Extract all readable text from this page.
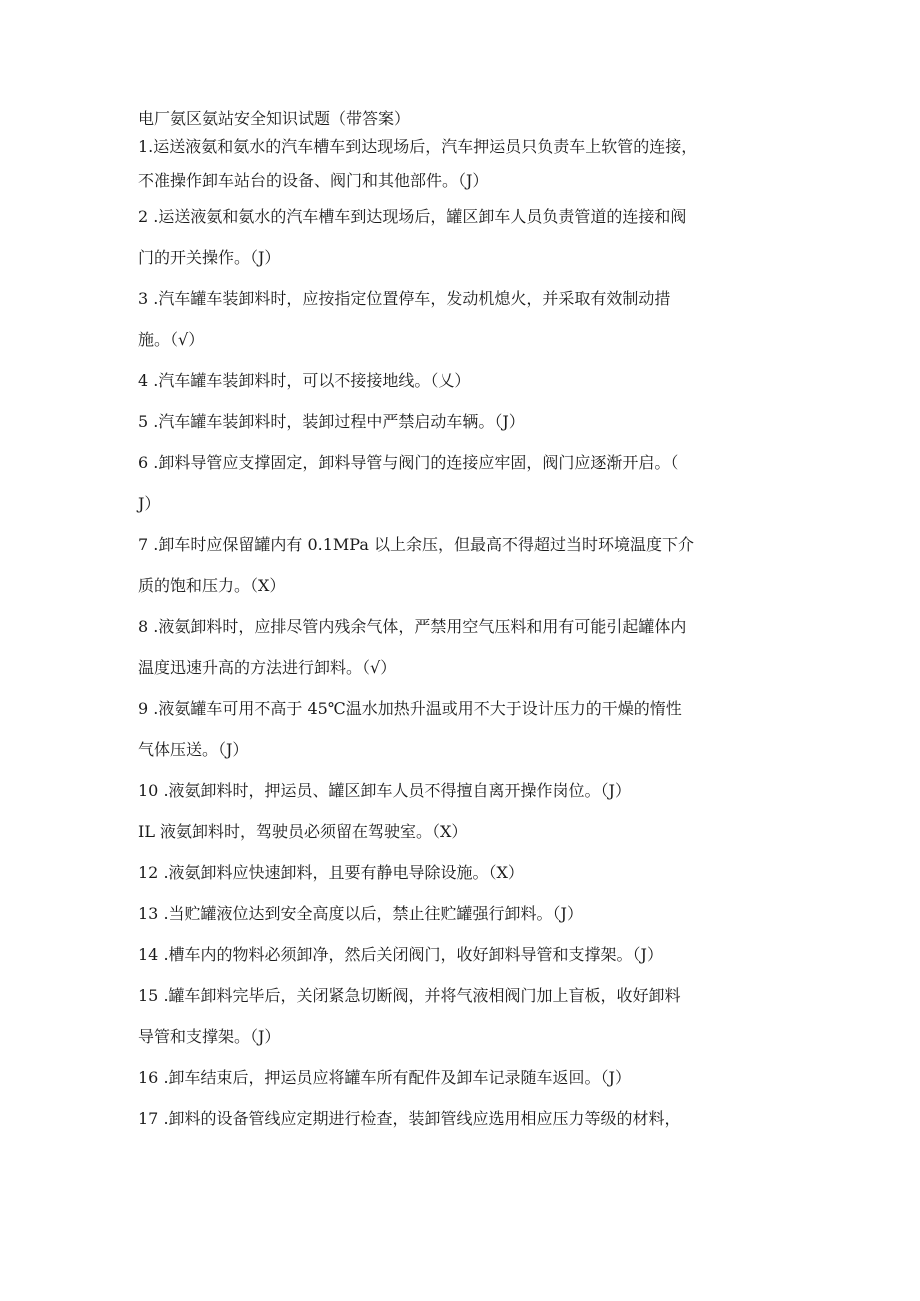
电厂氨区氨站安全知识试题（带答案）

1.运送液氨和氨水的汽车槽车到达现场后，汽车押运员只负责车上软管的连接，
不准操作卸车站台的设备、阀门和其他部件。（J）

2 .运送液氨和氨水的汽车槽车到达现场后，罐区卸车人员负责管道的连接和阀
门的开关操作。（J）

3 .汽车罐车装卸料时，应按指定位置停车，发动机熄火，并采取有效制动措
施。（√）

4 .汽车罐车装卸料时，可以不接接地线。（乂）

5 .汽车罐车装卸料时，装卸过程中严禁启动车辆。（J）

6 .卸料导管应支撑固定，卸料导管与阀门的连接应牢固，阀门应逐渐开启。（
J）

7 .卸车时应保留罐内有 0.1MPa 以上余压，但最高不得超过当时环境温度下介
质的饱和压力。（X）

8 .液氨卸料时，应排尽管内残余气体，严禁用空气压料和用有可能引起罐体内
温度迅速升高的方法进行卸料。（√）

9 .液氨罐车可用不高于 45℃温水加热升温或用不大于设计压力的干燥的惰性
气体压送。（J）

10 .液氨卸料时，押运员、罐区卸车人员不得擅自离开操作岗位。（J）

IL 液氨卸料时，驾驶员必须留在驾驶室。（X）

12 .液氨卸料应快速卸料，且要有静电导除设施。（X）

13 .当贮罐液位达到安全高度以后，禁止往贮罐强行卸料。（J）

14 .槽车内的物料必须卸净，然后关闭阀门，收好卸料导管和支撑架。（J）

15 .罐车卸料完毕后，关闭紧急切断阀，并将气液相阀门加上盲板，收好卸料
导管和支撑架。（J）

16 .卸车结束后，押运员应将罐车所有配件及卸车记录随车返回。（J）

17 .卸料的设备管线应定期进行检查，装卸管线应选用相应压力等级的材料，
